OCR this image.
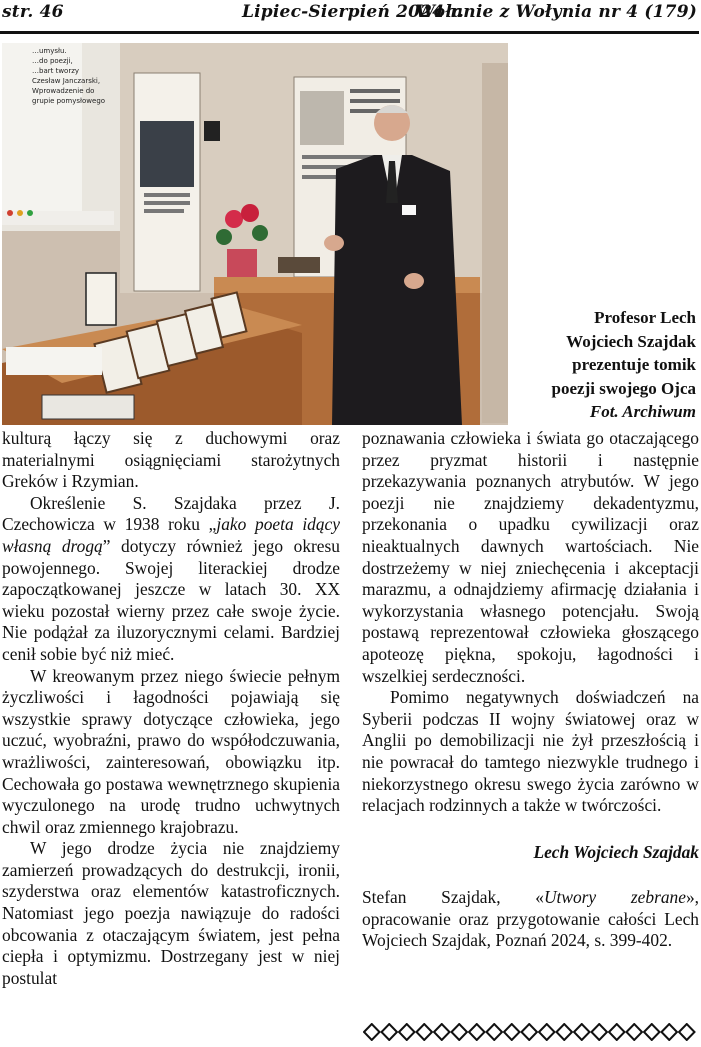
str. 46	Lipiec-Sierpień 2024 r.
Wołanie z Wołynia nr 4 (179)
…umysłu.
…do poezji,
…bart tworzy
Czesław Janczarski,
Wprowadzenie do
grupie pomysłowego
Profesor Lech
Wojciech Szajdak
prezentuje tomik
poezji swojego Ojca
Fot. Archiwum

kulturą łączy się z duchowymi oraz materialnymi osiągnięciami starożytnych Greków i Rzymian.

Określenie S. Szajdaka przez J. Czechowicza w 1938 roku „jako poeta idący własną drogą” dotyczy również jego okresu powojennego. Swojej literackiej drodze zapoczątkowanej jeszcze w latach 30. XX wieku pozostał wierny przez całe swoje życie. Nie podążał za iluzorycznymi celami. Bardziej cenił sobie być niż mieć.

W kreowanym przez niego świecie pełnym życzliwości i łagodności pojawiają się wszystkie sprawy dotyczące człowieka, jego uczuć, wyobraźni, prawo do współodczuwania, wrażliwości, zainteresowań, obowiązku itp. Cechowała go postawa wewnętrznego skupienia wyczulonego na urodę trudno uchwytnych chwil oraz zmiennego krajobrazu.

W jego drodze życia nie znajdziemy zamierzeń prowadzących do destrukcji, ironii, szyderstwa oraz elementów katastroficznych. Natomiast jego poezja nawiązuje do radości obcowania z otaczającym światem, jest pełna ciepła i optymizmu. Dostrzegany jest w niej postulat

poznawania człowieka i świata go otaczającego przez pryzmat historii i następnie przekazywania poznanych atrybutów. W jego poezji nie znajdziemy dekadentyzmu, przekonania o upadku cywilizacji oraz nieaktualnych dawnych wartościach. Nie dostrzeżemy w niej zniechęcenia i akceptacji marazmu, a odnajdziemy afirmację działania i wykorzystania własnego potencjału. Swoją postawą reprezentował człowieka głoszącego apoteozę piękna, spokoju, łagodności i wszelkiej serdeczności.

Pomimo negatywnych doświadczeń na Syberii podczas II wojny światowej oraz w Anglii po demobilizacji nie żył przeszłością i nie powracał do tamtego niezwykle trudnego i niekorzystnego okresu swego życia zarówno w relacjach rodzinnych a także w twórczości.

Lech Wojciech Szajdak

Stefan Szajdak, «Utwory zebrane», opracowanie oraz przygotowanie całości Lech Wojciech Szajdak, Poznań 2024, s. 399-402.
